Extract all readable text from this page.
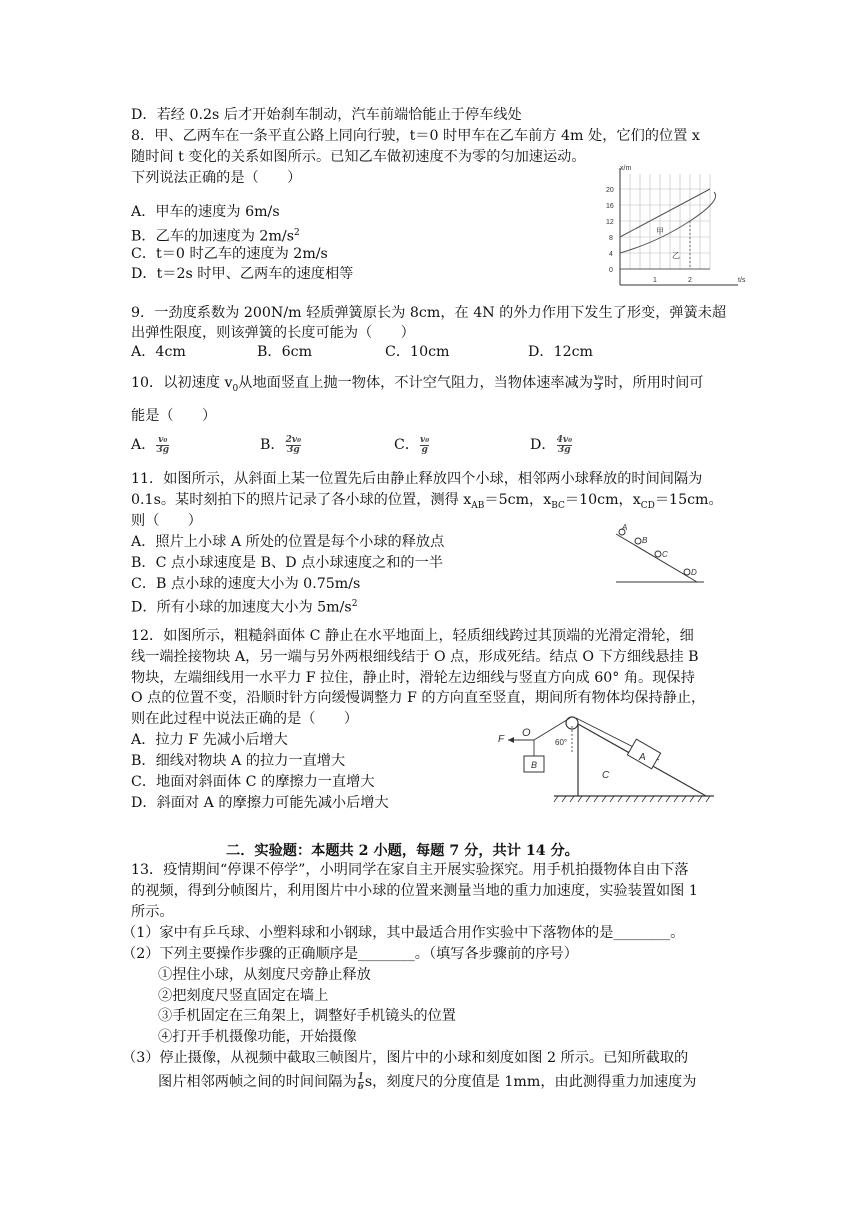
D．若经 0.2s 后才开始刹车制动，汽车前端恰能止于停车线处
8．甲、乙两车在一条平直公路上同向行驶，t＝0 时甲车在乙车前方 4m 处，它们的位置 x
随时间 t 变化的关系如图所示。已知乙车做初速度不为零的匀加速运动。
下列说法正确的是（　　）
A．甲车的速度为 6m/s
B．乙车的加速度为 $2m/s^2$
C．t＝0 时乙车的速度为 2m/s
D．t＝2s 时甲、乙两车的速度相等
x/m
t/s
20
16
12
8
4
0
1	2
甲
乙
9．一劲度系数为 200N/m 轻质弹簧原长为 8cm，在 4N 的外力作用下发生了形变，弹簧未超
出弹性限度，则该弹簧的长度可能为（　　）
A．4cm	B．6cm	C．10cm	D．12cm
10．以初速度 $v_0$从地面竖直上抛一物体，不计空气阻力，当物体速率减为 $\frac{\text{v₀}}{3}$ 时，所用时间可
能是（　　）
A． $\frac{\text{v₀}}{3g}$	B． $\frac{\text{2v₀}}{3g}$	C． $\frac{\text{v₀}}{g}$	D． $\frac{\text{4v₀}}{3g}$
11．如图所示，从斜面上某一位置先后由静止释放四个小球，相邻两小球释放的时间间隔为
0.1s。某时刻拍下的照片记录了各小球的位置，测得 $x_{AB}=5cm$，$x_{BC}=10cm$，$x_{CD}=15cm$。
则（　　）
A．照片上小球 A 所处的位置是每个小球的释放点
B．C 点小球速度是 B、D 点小球速度之和的一半
C．B 点小球的速度大小为 0.75m/s
D．所有小球的加速度大小为 $5m/s^2$
A
B
C
D
12．如图所示，粗糙斜面体 C 静止在水平地面上，轻质细线跨过其顶端的光滑定滑轮，细
线一端拴接物块 A，另一端与另外两根细线结于 O 点，形成死结。结点 O 下方细线悬挂 B
物块，左端细线用一水平力 F 拉住，静止时，滑轮左边细线与竖直方向成 60° 角。现保持
O 点的位置不变，沿顺时针方向缓慢调整力 F 的方向直至竖直，期间所有物体均保持静止，
则在此过程中说法正确的是（　　）
A．拉力 F 先减小后增大
B．细线对物块 A 的拉力一直增大
C．地面对斜面体 C 的摩擦力一直增大
D．斜面对 A 的摩擦力可能先减小后增大
F
O
60°
B
A
C
二．实验题：本题共 2 小题，每题 7 分，共计 14 分。
13．疫情期间“停课不停学”，小明同学在家自主开展实验探究。用手机拍摄物体自由下落
的视频，得到分帧图片，利用图片中小球的位置来测量当地的重力加速度，实验装置如图 1
所示。
（1）家中有乒乓球、小塑料球和小钢球，其中最适合用作实验中下落物体的是________。
（2）下列主要操作步骤的正确顺序是________。（填写各步骤前的序号）
①捏住小球，从刻度尺旁静止释放
②把刻度尺竖直固定在墙上
③手机固定在三角架上，调整好手机镜头的位置
④打开手机摄像功能，开始摄像
（3）停止摄像，从视频中截取三帧图片，图片中的小球和刻度如图 2 所示。已知所截取的
图片相邻两帧之间的时间间隔为 $\frac{1}{6}$ s，刻度尺的分度值是 1mm，由此测得重力加速度为
